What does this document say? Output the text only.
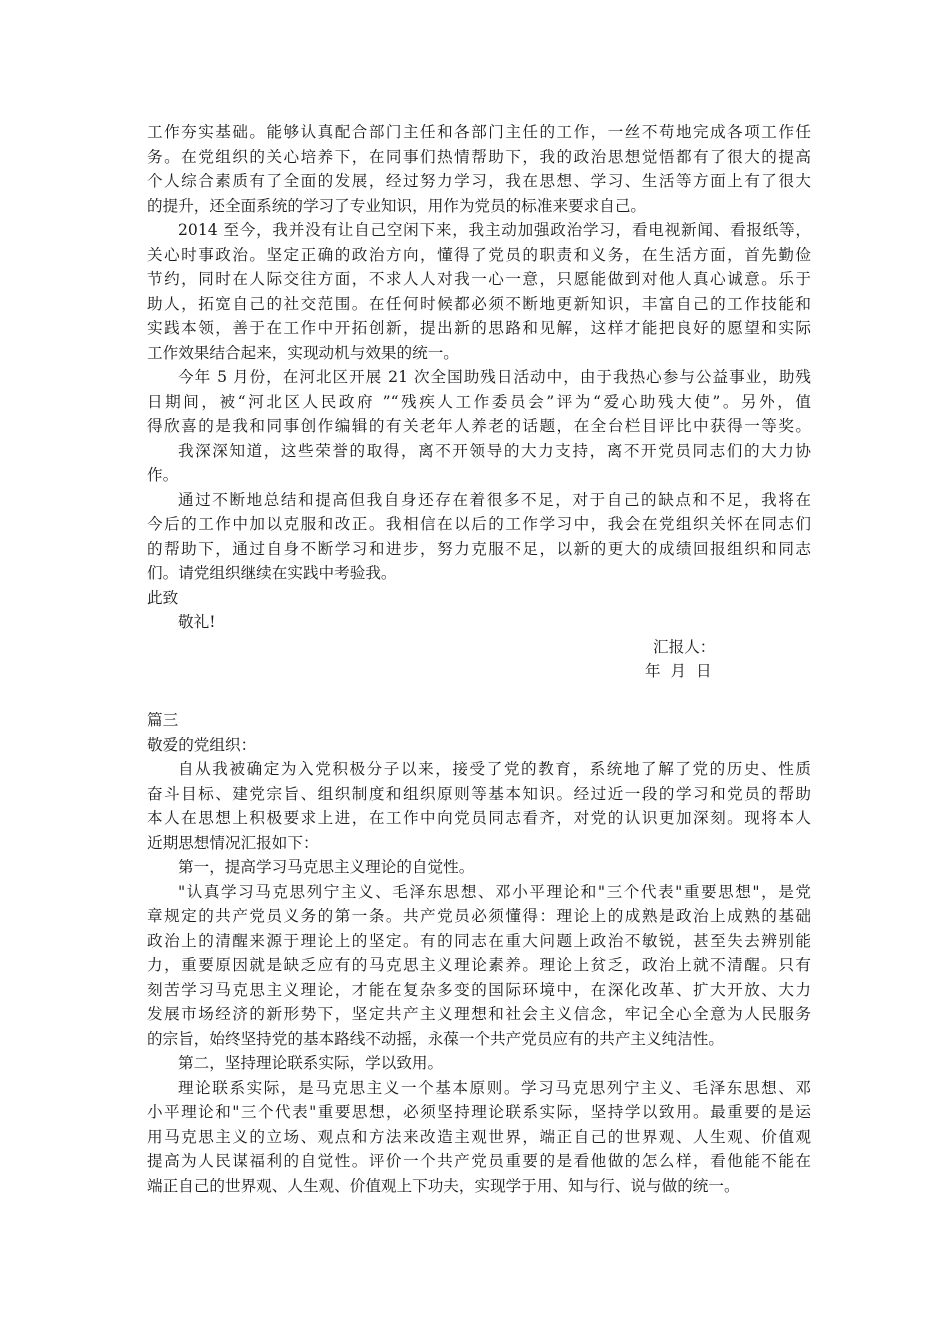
工作夯实基础。能够认真配合部门主任和各部门主任的工作，一丝不苟地完成各项工作任
务。在党组织的关心培养下，在同事们热情帮助下，我的政治思想觉悟都有了很大的提高
个人综合素质有了全面的发展，经过努力学习，我在思想、学习、生活等方面上有了很大
的提升，还全面系统的学习了专业知识，用作为党员的标准来要求自己。
2014 至今，我并没有让自己空闲下来，我主动加强政治学习，看电视新闻、看报纸等，
关心时事政治。坚定正确的政治方向，懂得了党员的职责和义务，在生活方面，首先勤俭
节约，同时在人际交往方面，不求人人对我一心一意，只愿能做到对他人真心诚意。乐于
助人，拓宽自己的社交范围。在任何时候都必须不断地更新知识，丰富自己的工作技能和
实践本领，善于在工作中开拓创新，提出新的思路和见解，这样才能把良好的愿望和实际
工作效果结合起来，实现动机与效果的统一。
今年 5 月份，在河北区开展 21 次全国助残日活动中，由于我热心参与公益事业，助残
日期间，被“河北区人民政府 ”“残疾人工作委员会”评为“爱心助残大使”。另外，值
得欣喜的是我和同事创作编辑的有关老年人养老的话题，在全台栏目评比中获得一等奖。
我深深知道，这些荣誉的取得，离不开领导的大力支持，离不开党员同志们的大力协
作。
通过不断地总结和提高但我自身还存在着很多不足，对于自己的缺点和不足，我将在
今后的工作中加以克服和改正。我相信在以后的工作学习中，我会在党组织关怀在同志们
的帮助下，通过自身不断学习和进步，努力克服不足，以新的更大的成绩回报组织和同志
们。请党组织继续在实践中考验我。
此致
敬礼!
汇报人：
年  月  日
篇三
敬爱的党组织：
自从我被确定为入党积极分子以来，接受了党的教育，系统地了解了党的历史、性质
奋斗目标、建党宗旨、组织制度和组织原则等基本知识。经过近一段的学习和党员的帮助
本人在思想上积极要求上进，在工作中向党员同志看齐，对党的认识更加深刻。现将本人
近期思想情况汇报如下：
第一，提高学习马克思主义理论的自觉性。
"认真学习马克思列宁主义、毛泽东思想、邓小平理论和"三个代表"重要思想"，是党
章规定的共产党员义务的第一条。共产党员必须懂得：理论上的成熟是政治上成熟的基础
政治上的清醒来源于理论上的坚定。有的同志在重大问题上政治不敏锐，甚至失去辨别能
力，重要原因就是缺乏应有的马克思主义理论素养。理论上贫乏，政治上就不清醒。只有
刻苦学习马克思主义理论，才能在复杂多变的国际环境中，在深化改革、扩大开放、大力
发展市场经济的新形势下，坚定共产主义理想和社会主义信念，牢记全心全意为人民服务
的宗旨，始终坚持党的基本路线不动摇，永葆一个共产党员应有的共产主义纯洁性。
第二，坚持理论联系实际，学以致用。
理论联系实际，是马克思主义一个基本原则。学习马克思列宁主义、毛泽东思想、邓
小平理论和"三个代表"重要思想，必须坚持理论联系实际，坚持学以致用。最重要的是运
用马克思主义的立场、观点和方法来改造主观世界，端正自己的世界观、人生观、价值观
提高为人民谋福利的自觉性。评价一个共产党员重要的是看他做的怎么样，看他能不能在
端正自己的世界观、人生观、价值观上下功夫，实现学于用、知与行、说与做的统一。
